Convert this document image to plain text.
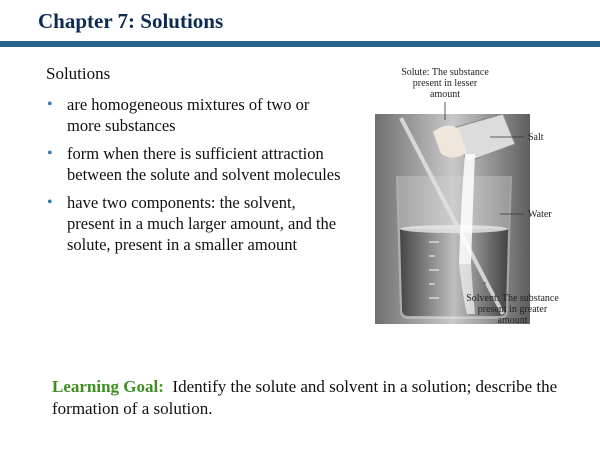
Chapter 7: Solutions

Solutions

• are homogeneous mixtures of two or more substances
• form when there is sufficient attraction between the solute and solvent molecules
• have two components: the solvent, present in a much larger amount, and the solute, present in a smaller amount
Solute: The substance
present in lesser
amount
Salt
Water
Solvent: The substance
present in greater
amount

Learning Goal: Identify the solute and solvent in a solution; describe the formation of a solution.
